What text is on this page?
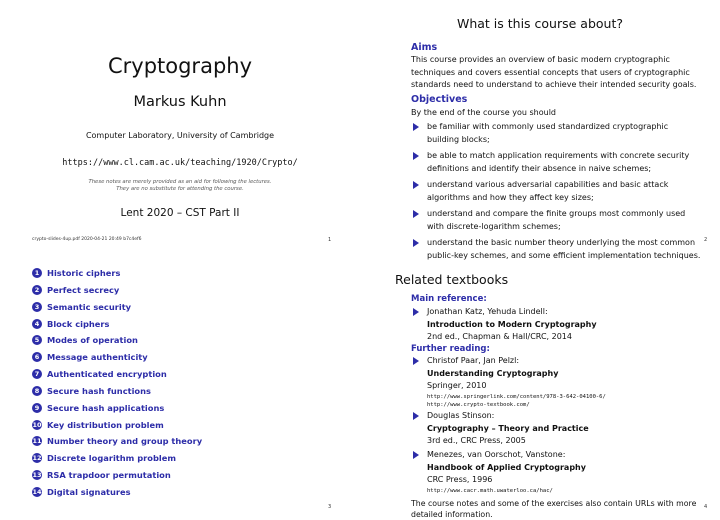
Cryptography
Markus Kuhn
Computer Laboratory, University of Cambridge
https://www.cl.cam.ac.uk/teaching/1920/Crypto/
These notes are merely provided as an aid for following the lectures.
They are no substitute for attending the course.
Lent 2020 – CST Part II
crypto-slides-4up.pdf 2020-04-21 20:49 b7c4ef6	1
What is this course about?
Aims
This course provides an overview of basic modern cryptographic techniques and covers essential concepts that users of cryptographic standards need to understand to achieve their intended security goals.
Objectives
By the end of the course you should
be familiar with commonly used standardized cryptographic building blocks;
be able to match application requirements with concrete security definitions and identify their absence in naive schemes;
understand various adversarial capabilities and basic attack algorithms and how they affect key sizes;
understand and compare the finite groups most commonly used with discrete-logarithm schemes;
understand the basic number theory underlying the most common public-key schemes, and some efficient implementation techniques.
2
1 Historic ciphers
2 Perfect secrecy
3 Semantic security
4 Block ciphers
5 Modes of operation
6 Message authenticity
7 Authenticated encryption
8 Secure hash functions
9 Secure hash applications
10 Key distribution problem
11 Number theory and group theory
12 Discrete logarithm problem
13 RSA trapdoor permutation
14 Digital signatures
3
Related textbooks
Main reference:
Jonathan Katz, Yehuda Lindell:
Introduction to Modern Cryptography
2nd ed., Chapman & Hall/CRC, 2014
Further reading:
Christof Paar, Jan Pelzl:
Understanding Cryptography
Springer, 2010
http://www.springerlink.com/content/978-3-642-04100-6/
http://www.crypto-textbook.com/
Douglas Stinson:
Cryptography – Theory and Practice
3rd ed., CRC Press, 2005
Menezes, van Oorschot, Vanstone:
Handbook of Applied Cryptography
CRC Press, 1996
http://www.cacr.math.uwaterloo.ca/hac/
The course notes and some of the exercises also contain URLs with more detailed information.
4
